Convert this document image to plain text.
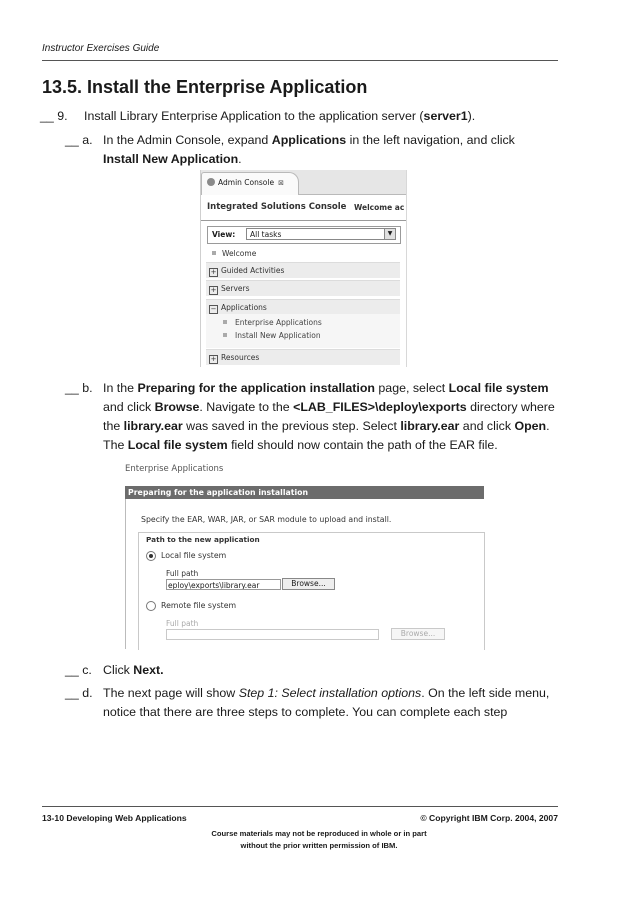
Instructor Exercises Guide
13.5. Install the Enterprise Application
__ 9. Install Library Enterprise Application to the application server (server1).
__ a. In the Admin Console, expand Applications in the left navigation, and click
Install New Application.
Admin Console ⊠
Integrated Solutions Console Welcome ac
View:	All tasks	▼
Welcome
+ Guided Activities
+ Servers
− Applications
Enterprise Applications
Install New Application
+ Resources
__ b. In the Preparing for the application installation page, select Local file system and click Browse. Navigate to the <LAB_FILES>\deploy\exports directory where the library.ear was saved in the previous step. Select library.ear and click Open. The Local file system field should now contain the path of the EAR file.
Enterprise Applications
Preparing for the application installation
Specify the EAR, WAR, JAR, or SAR module to upload and install.
Path to the new application
Local file system
Full path
eploy\exports\library.ear	Browse...
Remote file system
Full path
Browse...
__ c. Click Next.
__ d. The next page will show Step 1: Select installation options. On the left side menu, notice that there are three steps to complete. You can complete each step
13-10 Developing Web Applications	© Copyright IBM Corp. 2004, 2007
Course materials may not be reproduced in whole or in part
without the prior written permission of IBM.
